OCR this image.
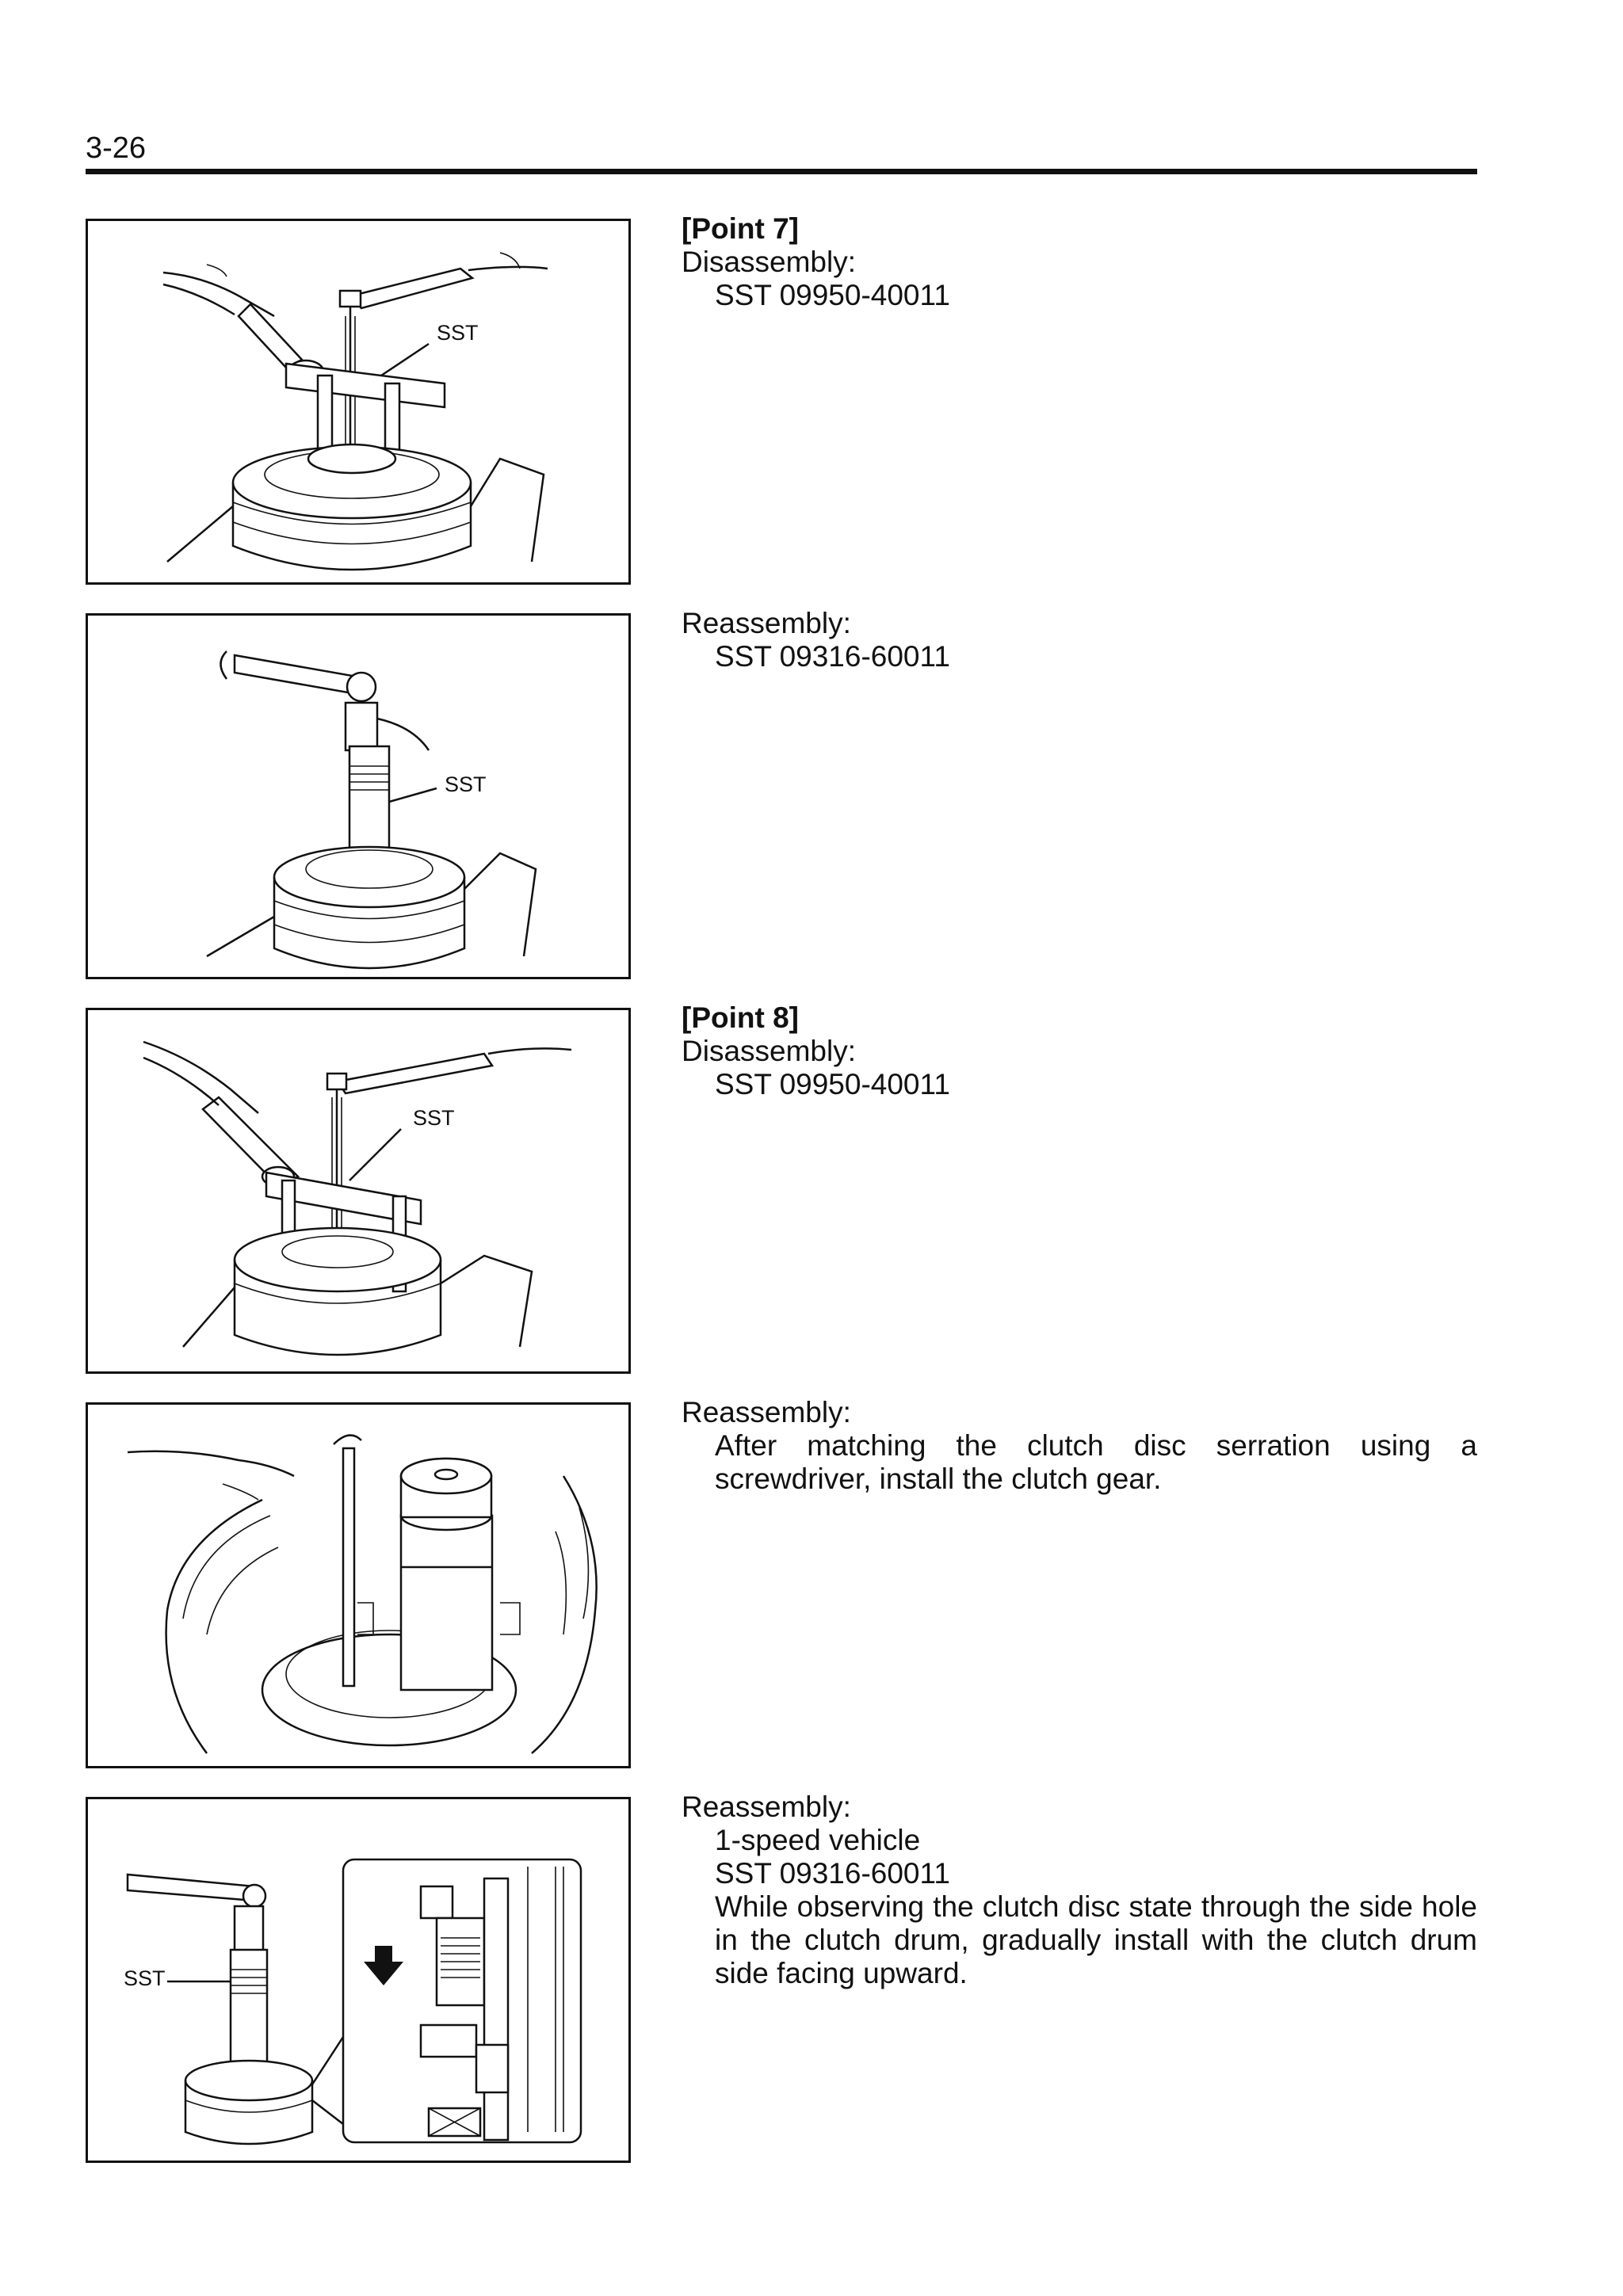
3-26
SST
SST
SST
SST
[Point 7]
Disassembly:
SST 09950-40011
Reassembly:
SST 09316-60011
[Point 8]
Disassembly:
SST 09950-40011
Reassembly:
After matching the clutch disc serration using a screwdriver, install the clutch gear.
Reassembly:
1-speed vehicle
SST 09316-60011
While observing the clutch disc state through the side hole in the clutch drum, gradually install with the clutch drum side facing upward.
